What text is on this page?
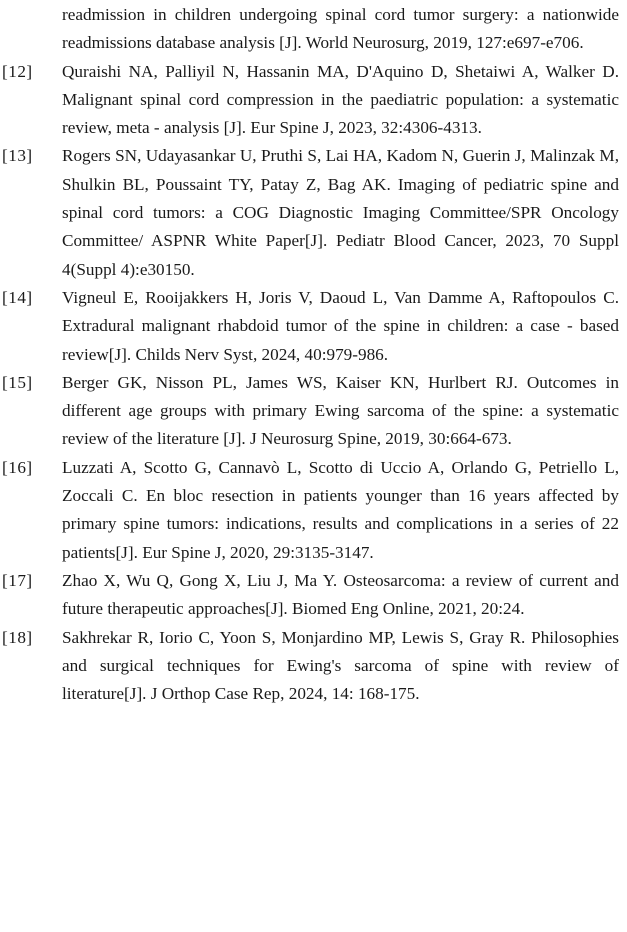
readmission in children undergoing spinal cord tumor surgery: a nationwide readmissions database analysis [J]. World Neurosurg, 2019, 127:e697-e706.
[12] Quraishi NA, Palliyil N, Hassanin MA, D'Aquino D, Shetaiwi A, Walker D. Malignant spinal cord compression in the paediatric population: a systematic review, meta - analysis [J]. Eur Spine J, 2023, 32:4306-4313.
[13] Rogers SN, Udayasankar U, Pruthi S, Lai HA, Kadom N, Guerin J, Malinzak M, Shulkin BL, Poussaint TY, Patay Z, Bag AK. Imaging of pediatric spine and spinal cord tumors: a COG Diagnostic Imaging Committee/SPR Oncology Committee/ ASPNR White Paper[J]. Pediatr Blood Cancer, 2023, 70 Suppl 4(Suppl 4):e30150.
[14] Vigneul E, Rooijakkers H, Joris V, Daoud L, Van Damme A, Raftopoulos C. Extradural malignant rhabdoid tumor of the spine in children: a case - based review[J]. Childs Nerv Syst, 2024, 40:979-986.
[15] Berger GK, Nisson PL, James WS, Kaiser KN, Hurlbert RJ. Outcomes in different age groups with primary Ewing sarcoma of the spine: a systematic review of the literature [J]. J Neurosurg Spine, 2019, 30:664-673.
[16] Luzzati A, Scotto G, Cannavò L, Scotto di Uccio A, Orlando G, Petriello L, Zoccali C. En bloc resection in patients younger than 16 years affected by primary spine tumors: indications, results and complications in a series of 22 patients[J]. Eur Spine J, 2020, 29:3135-3147.
[17] Zhao X, Wu Q, Gong X, Liu J, Ma Y. Osteosarcoma: a review of current and future therapeutic approaches[J]. Biomed Eng Online, 2021, 20:24.
[18] Sakhrekar R, Iorio C, Yoon S, Monjardino MP, Lewis S, Gray R. Philosophies and surgical techniques for Ewing's sarcoma of spine with review of literature[J]. J Orthop Case Rep, 2024, 14: 168-175.
